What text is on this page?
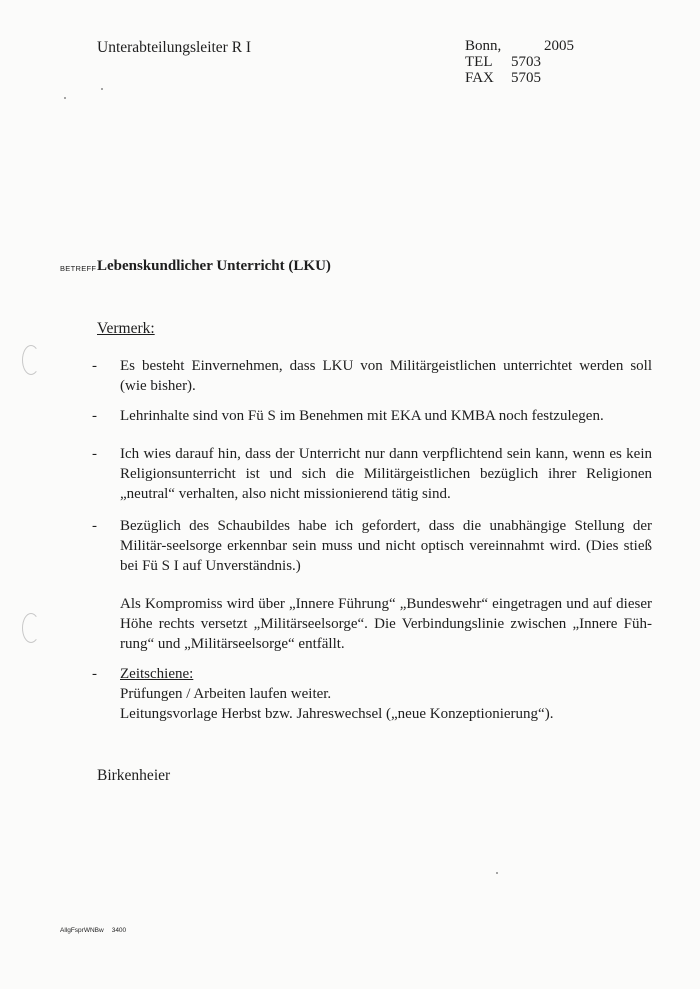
Unterabteilungsleiter R I	Bonn,	2005
TEL	5703
FAX	5705
BETREFF Lebenskundlicher Unterricht (LKU)
Vermerk:
-	Es besteht Einvernehmen, dass LKU von Militärgeistlichen unterrichtet werden soll (wie bisher).
-	Lehrinhalte sind von Fü S im Benehmen mit EKA und KMBA noch festzulegen.
-	Ich wies darauf hin, dass der Unterricht nur dann verpflichtend sein kann, wenn es kein Religionsunterricht ist und sich die Militärgeistlichen bezüglich ihrer Religionen „neutral“ verhalten, also nicht missionierend tätig sind.
-	Bezüglich des Schaubildes habe ich gefordert, dass die unabhängige Stellung der Militär-seelsorge erkennbar sein muss und nicht optisch vereinnahmt wird. (Dies stieß bei Fü S I auf Unverständnis.)
Als Kompromiss wird über „Innere Führung“ „Bundeswehr“ eingetragen und auf dieser Höhe rechts versetzt „Militärseelsorge“. Die Verbindungslinie zwischen „Innere Füh-rung“ und „Militärseelsorge“ entfällt.
-	Zeitschiene:
Prüfungen / Arbeiten laufen weiter.
Leitungsvorlage Herbst bzw. Jahreswechsel („neue Konzeptionierung“).
Birkenheier
AllgFsprWNBw 3400
